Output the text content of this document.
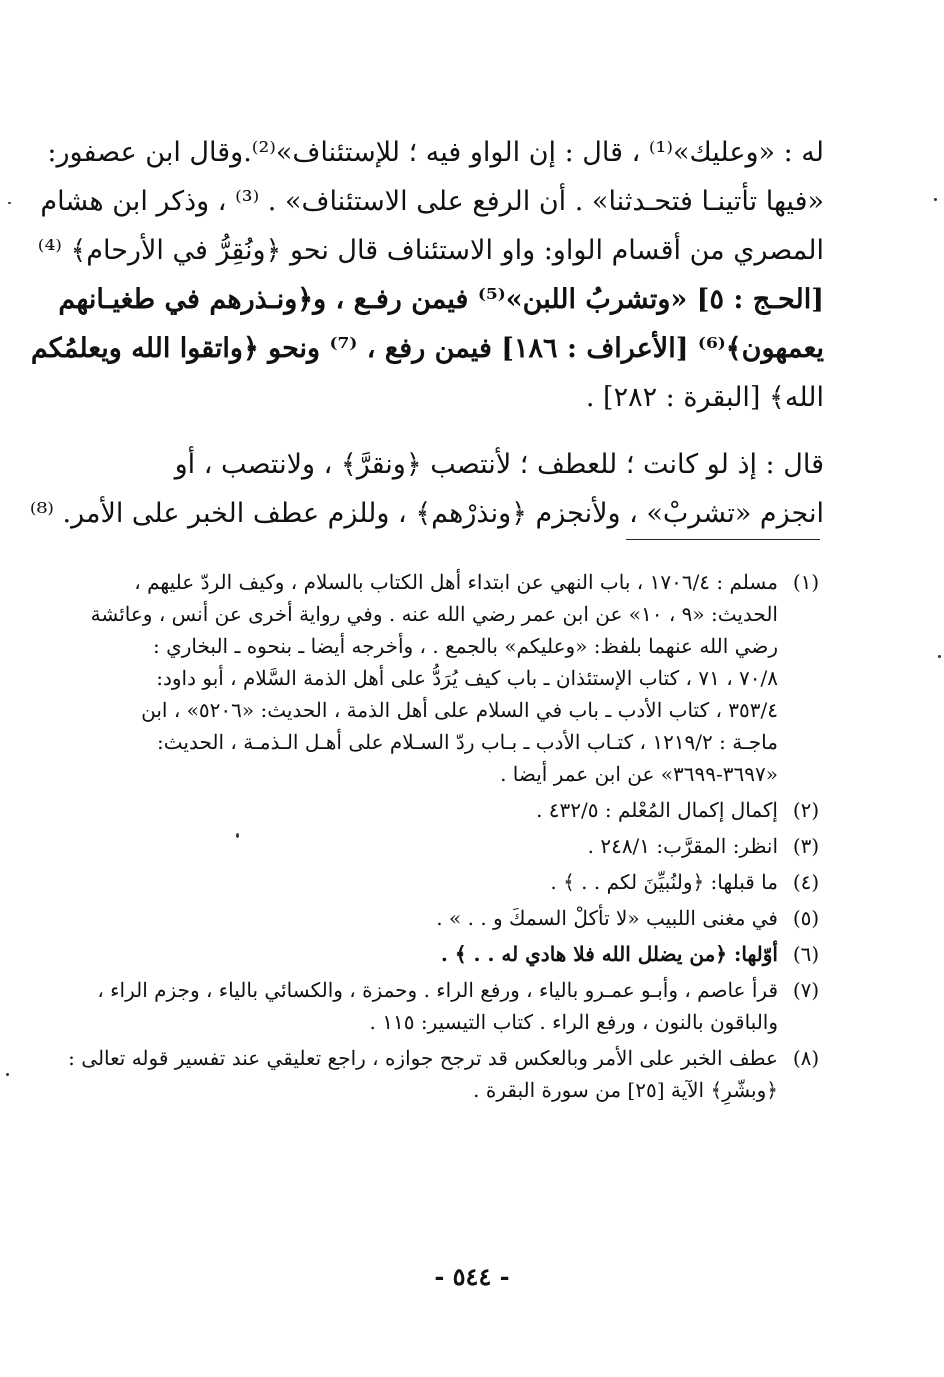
له : «وعليك»⁽¹⁾ ، قال : إن الواو فيه ؛ للإستئناف»⁽²⁾.وقال ابن عصفور:
«فيها تأتينـا فتحـدثنا» . أن الرفع على الاستئناف» . ⁽³⁾ ، وذكر ابن هشام
المصري من أقسام الواو: واو الاستئناف قال نحو ﴿ونُقِرُّ في الأرحام﴾ ⁽⁴⁾
[الحـج : ٥] «وتشربُ اللبن»⁽⁵⁾ فيمن رفـع ، و﴿ونـذرهم في طغيـانهم
يعمهون﴾⁽⁶⁾ [الأعراف : ١٨٦] فيمن رفع ، ⁽⁷⁾ ونحو ﴿واتقوا الله ويعلمُكم
الله﴾ [البقرة : ٢٨٢] .
قال : إذ لو كانت ؛ للعطف ؛ لأنتصب ﴿ونقرَّ﴾ ، ولانتصب ، أو
انجزم «تشربْ» ، ولأنجزم ﴿ونذرْهم﴾ ، وللزم عطف الخبر على الأمر. ⁽⁸⁾
(١)
مسلم : ١٧٠٦/٤ ، باب النهي عن ابتداء أهل الكتاب بالسلام ، وكيف الردّ عليهم ،
الحديث: «٩ ، ١٠» عن ابن عمر رضي الله عنه . وفي رواية أخرى عن أنس ، وعائشة
رضي الله عنهما بلفظ: «وعليكم» بالجمع . ، وأخرجه أيضا ـ بنحوه ـ البخاري :
٧٠/٨ ، ٧١ ، كتاب الإستئذان ـ باب كيف يُرَدُّ على أهل الذمة السَّلام ، أبو داود:
٣٥٣/٤ ، كتاب الأدب ـ باب في السلام على أهل الذمة ، الحديث: «٥٢٠٦» ، ابن
ماجـة : ١٢١٩/٢ ، كتـاب الأدب ـ بـاب ردّ السـلام على أهـل الـذمـة ، الحديث:
«٣٦٩٧-٣٦٩٩» عن ابن عمر أيضا .
(٢)
إكمال إكمال المُعْلم : ٤٣٢/٥ .
(٣)
انظر: المقرَّب: ٢٤٨/١ .
(٤)
ما قبلها: ﴿ولنُبيِّنَ لكم . . ﴾ .
(٥)
في مغنى اللبيب «لا تأكلْ السمكَ و . . » .
(٦)
أوّلها: ﴿من يضلل الله فلا هادي له . . ﴾ .
(٧)
قرأ عاصم ، وأبـو عمـرو بالياء ، ورفع الراء . وحمزة ، والكسائي بالياء ، وجزم الراء ،
والباقون بالنون ، ورفع الراء . كتاب التيسير: ١١٥ .
(٨)
عطف الخبر على الأمر وبالعكس قد ترجح جوازه ، راجع تعليقي عند تفسير قوله تعالى :
﴿وبشّرِ﴾ الآية [٢٥] من سورة البقرة .
- ٥٤٤ -
